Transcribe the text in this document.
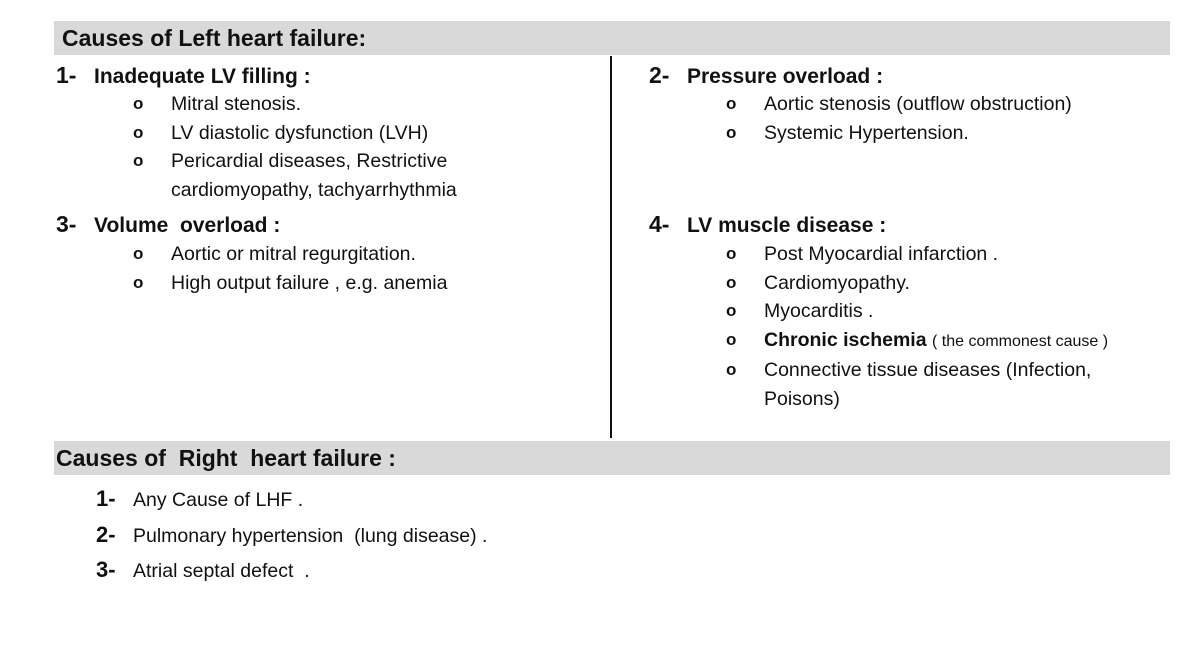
Causes of Left heart failure:
1- Inadequate LV filling :
o Mitral stenosis.
o LV diastolic dysfunction (LVH)
o Pericardial diseases, Restrictive cardiomyopathy, tachyarrhythmia
2- Pressure overload :
o Aortic stenosis (outflow obstruction)
o Systemic Hypertension.
3- Volume  overload :
o Aortic or mitral regurgitation.
o High output failure , e.g. anemia
4- LV muscle disease :
o Post Myocardial infarction .
o Cardiomyopathy.
o Myocarditis .
o Chronic ischemia ( the commonest cause )
o Connective tissue diseases (Infection, Poisons)
Causes of  Right  heart failure :
1- Any Cause of LHF .
2- Pulmonary hypertension  (lung disease) .
3- Atrial septal defect  .
